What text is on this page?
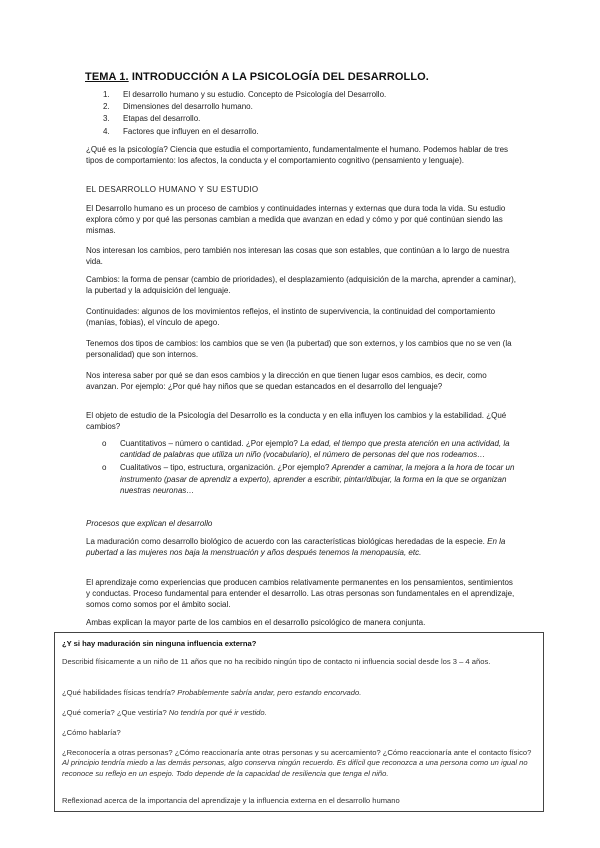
TEMA 1. INTRODUCCIÓN A LA PSICOLOGÍA DEL DESARROLLO.
1. El desarrollo humano y su estudio. Concepto de Psicología del Desarrollo.
2. Dimensiones del desarrollo humano.
3. Etapas del desarrollo.
4. Factores que influyen en el desarrollo.

¿Qué es la psicología? Ciencia que estudia el comportamiento, fundamentalmente el humano. Podemos hablar de tres tipos de comportamiento: los afectos, la conducta y el comportamiento cognitivo (pensamiento y lenguaje).

EL DESARROLLO HUMANO Y SU ESTUDIO

El Desarrollo humano es un proceso de cambios y continuidades internas y externas que dura toda la vida. Su estudio explora cómo y por qué las personas cambian a medida que avanzan en edad y cómo y por qué continúan siendo las mismas.

Nos interesan los cambios, pero también nos interesan las cosas que son estables, que continúan a lo largo de nuestra vida.

Cambios: la forma de pensar (cambio de prioridades), el desplazamiento (adquisición de la marcha, aprender a caminar), la pubertad y la adquisición del lenguaje.

Continuidades: algunos de los movimientos reflejos, el instinto de supervivencia, la continuidad del comportamiento (manías, fobias), el vínculo de apego.

Tenemos dos tipos de cambios: los cambios que se ven (la pubertad) que son externos, y los cambios que no se ven (la personalidad) que son internos.

Nos interesa saber por qué se dan esos cambios y la dirección en que tienen lugar esos cambios, es decir, como avanzan. Por ejemplo: ¿Por qué hay niños que se quedan estancados en el desarrollo del lenguaje?

El objeto de estudio de la Psicología del Desarrollo es la conducta y en ella influyen los cambios y la estabilidad. ¿Qué cambios?

o Cuantitativos – número o cantidad. ¿Por ejemplo? La edad, el tiempo que presta atención en una actividad, la cantidad de palabras que utiliza un niño (vocabulario), el número de personas del que nos rodeamos…
o Cualitativos – tipo, estructura, organización. ¿Por ejemplo? Aprender a caminar, la mejora a la hora de tocar un instrumento (pasar de aprendiz a experto), aprender a escribir, pintar/dibujar, la forma en la que se organizan nuestras neuronas…
Procesos que explican el desarrollo

La maduración como desarrollo biológico de acuerdo con las características biológicas heredadas de la especie. En la pubertad a las mujeres nos baja la menstruación y años después tenemos la menopausia, etc.

El aprendizaje como experiencias que producen cambios relativamente permanentes en los pensamientos, sentimientos y conductas. Proceso fundamental para entender el desarrollo. Las otras personas son fundamentales en el aprendizaje, somos como somos por el ámbito social.

Ambas explican la mayor parte de los cambios en el desarrollo psicológico de manera conjunta.

¿Y si hay maduración sin ninguna influencia externa?

Describid físicamente a un niño de 11 años que no ha recibido ningún tipo de contacto ni influencia social desde los 3 – 4 años.

¿Qué habilidades físicas tendría? Probablemente sabría andar, pero estando encorvado.

¿Qué comería? ¿Que vestiría? No tendría por qué ir vestido.

¿Cómo hablaría?

¿Reconocería a otras personas? ¿Cómo reaccionaría ante otras personas y su acercamiento? ¿Cómo reaccionaría ante el contacto físico? Al principio tendría miedo a las demás personas, algo conserva ningún recuerdo. Es difícil que reconozca a una persona como un igual no reconoce su reflejo en un espejo. Todo depende de la capacidad de resiliencia que tenga el niño.

Reflexionad acerca de la importancia del aprendizaje y la influencia externa en el desarrollo humano
